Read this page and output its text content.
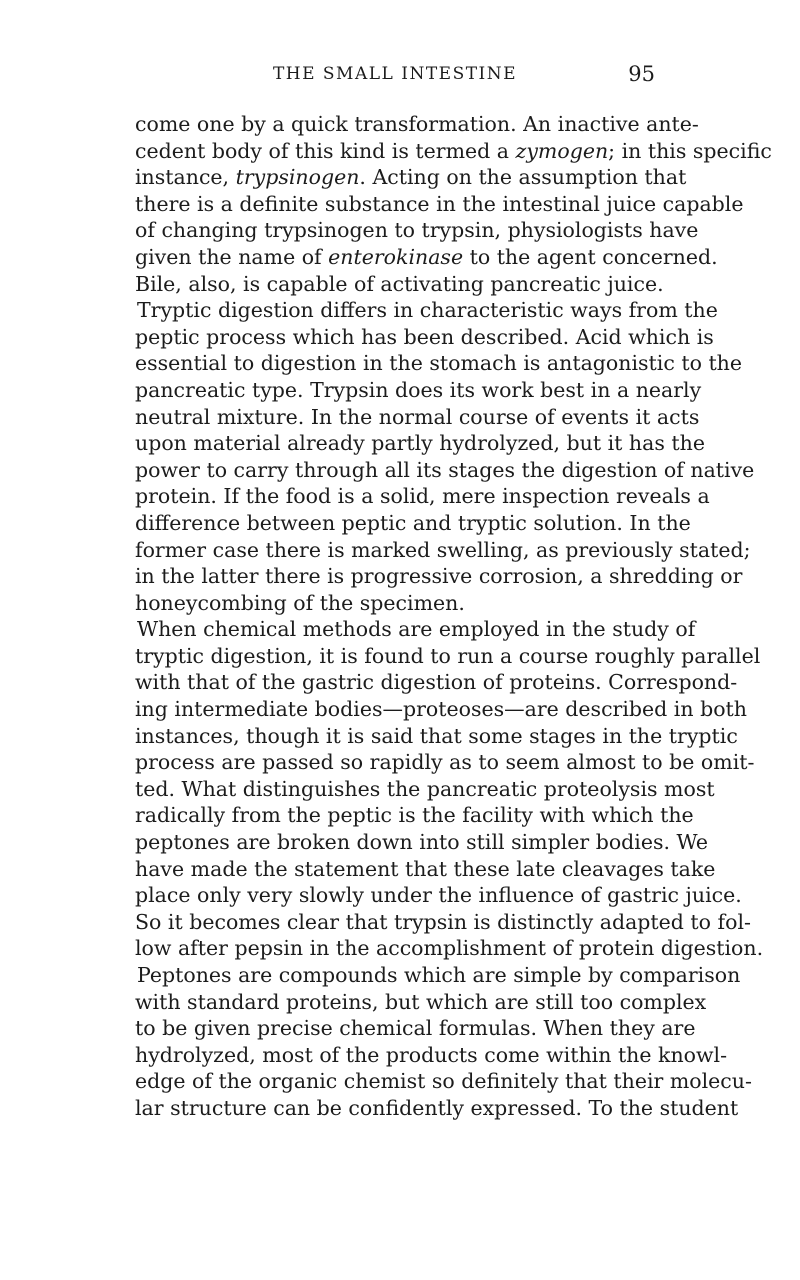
THE SMALL INTESTINE	95
come one by a quick transformation. An inactive ante-
cedent body of this kind is termed a zymogen; in this specific
instance, trypsinogen. Acting on the assumption that
there is a definite substance in the intestinal juice capable
of changing trypsinogen to trypsin, physiologists have
given the name of enterokinase to the agent concerned.
Bile, also, is capable of activating pancreatic juice.
Tryptic digestion differs in characteristic ways from the
peptic process which has been described. Acid which is
essential to digestion in the stomach is antagonistic to the
pancreatic type. Trypsin does its work best in a nearly
neutral mixture. In the normal course of events it acts
upon material already partly hydrolyzed, but it has the
power to carry through all its stages the digestion of native
protein. If the food is a solid, mere inspection reveals a
difference between peptic and tryptic solution. In the
former case there is marked swelling, as previously stated;
in the latter there is progressive corrosion, a shredding or
honeycombing of the specimen.
When chemical methods are employed in the study of
tryptic digestion, it is found to run a course roughly parallel
with that of the gastric digestion of proteins. Correspond-
ing intermediate bodies—proteoses—are described in both
instances, though it is said that some stages in the tryptic
process are passed so rapidly as to seem almost to be omit-
ted. What distinguishes the pancreatic proteolysis most
radically from the peptic is the facility with which the
peptones are broken down into still simpler bodies. We
have made the statement that these late cleavages take
place only very slowly under the influence of gastric juice.
So it becomes clear that trypsin is distinctly adapted to fol-
low after pepsin in the accomplishment of protein digestion.
Peptones are compounds which are simple by comparison
with standard proteins, but which are still too complex
to be given precise chemical formulas. When they are
hydrolyzed, most of the products come within the knowl-
edge of the organic chemist so definitely that their molecu-
lar structure can be confidently expressed. To the student
